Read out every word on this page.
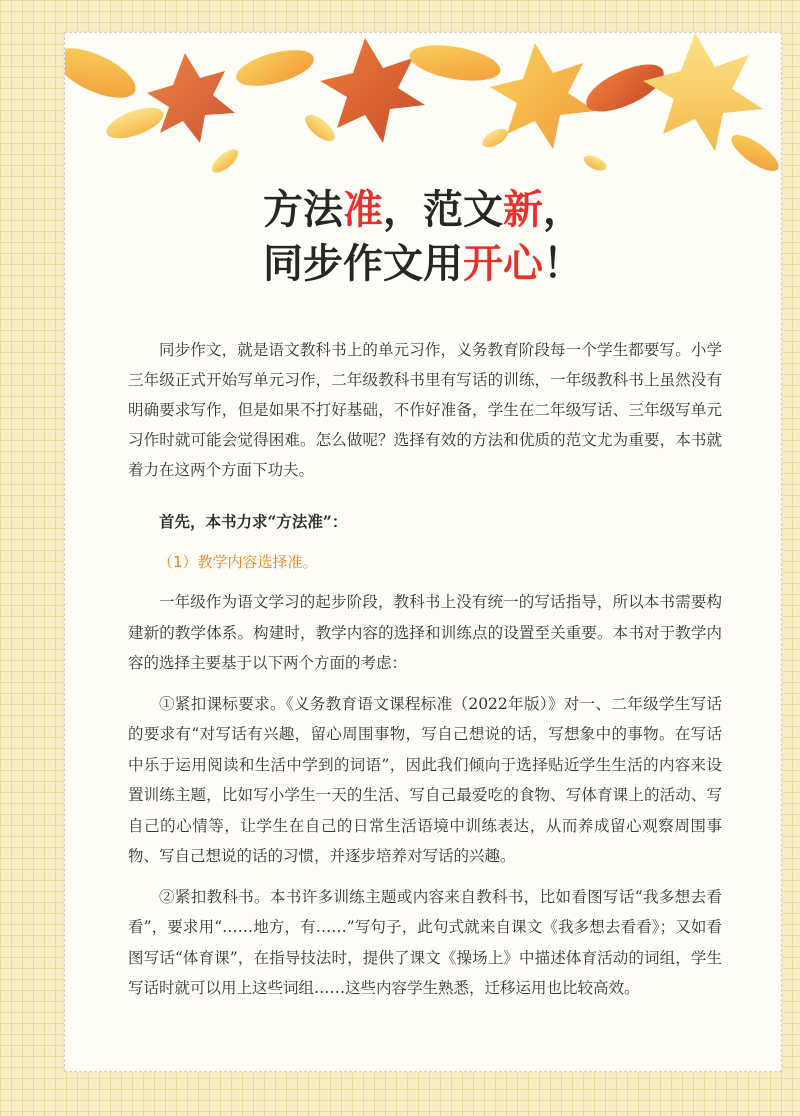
方法准，范文新，
同步作文用开心！

同步作文，就是语文教科书上的单元习作，义务教育阶段每一个学生都要写。小学三年级正式开始写单元习作，二年级教科书里有写话的训练，一年级教科书上虽然没有明确要求写作，但是如果不打好基础，不作好准备，学生在二年级写话、三年级写单元习作时就可能会觉得困难。怎么做呢？选择有效的方法和优质的范文尤为重要，本书就着力在这两个方面下功夫。

首先，本书力求“方法准”：

（1）教学内容选择准。

一年级作为语文学习的起步阶段，教科书上没有统一的写话指导，所以本书需要构建新的教学体系。构建时，教学内容的选择和训练点的设置至关重要。本书对于教学内容的选择主要基于以下两个方面的考虑：

①紧扣课标要求。《义务教育语文课程标准（2022年版）》对一、二年级学生写话的要求有“对写话有兴趣，留心周围事物，写自己想说的话，写想象中的事物。在写话中乐于运用阅读和生活中学到的词语”，因此我们倾向于选择贴近学生生活的内容来设置训练主题，比如写小学生一天的生活、写自己最爱吃的食物、写体育课上的活动、写自己的心情等，让学生在自己的日常生活语境中训练表达，从而养成留心观察周围事物、写自己想说的话的习惯，并逐步培养对写话的兴趣。

②紧扣教科书。本书许多训练主题或内容来自教科书，比如看图写话“我多想去看看”，要求用“……地方，有……”写句子，此句式就来自课文《我多想去看看》；又如看图写话“体育课”，在指导技法时，提供了课文《操场上》中描述体育活动的词组，学生写话时就可以用上这些词组……这些内容学生熟悉，迁移运用也比较高效。
